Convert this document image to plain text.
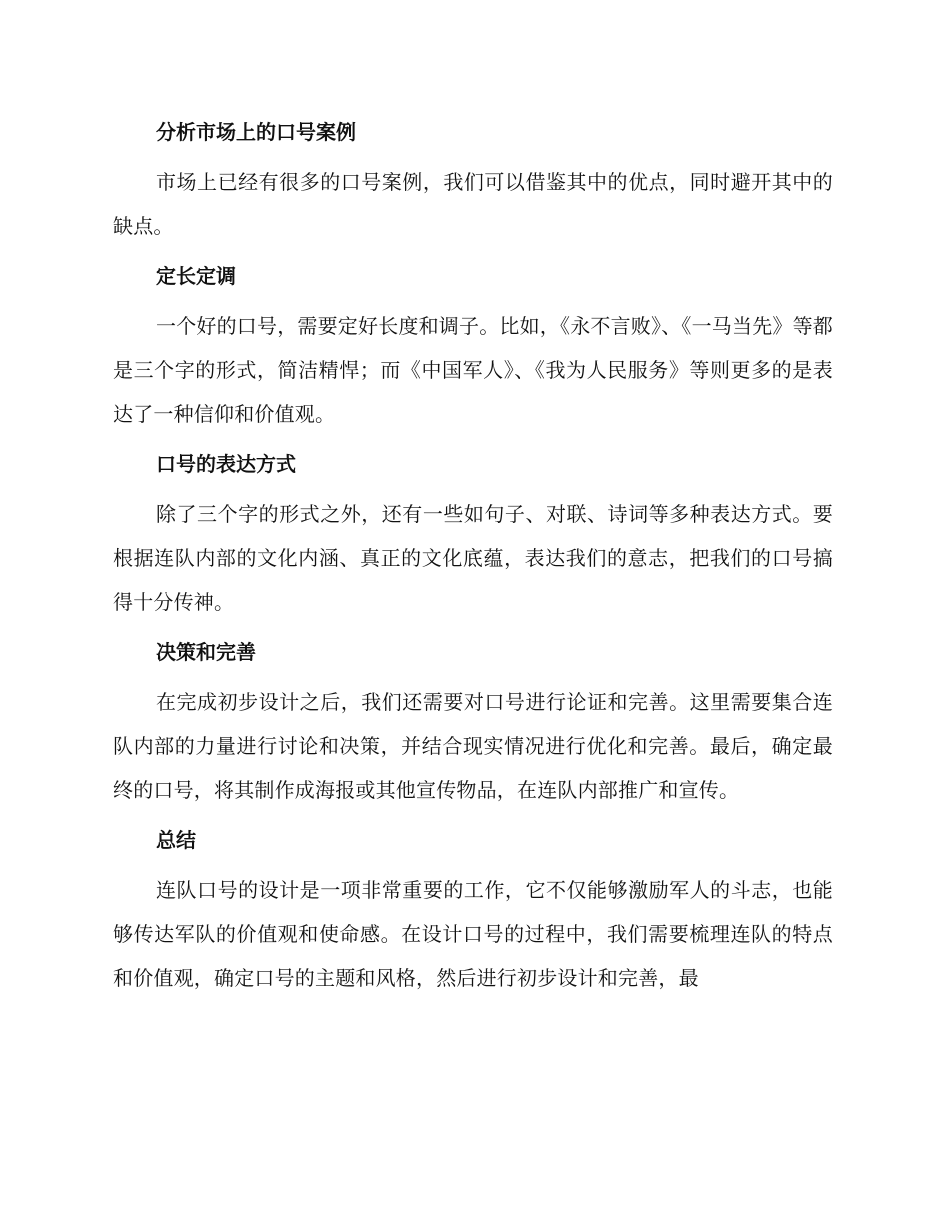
分析市场上的口号案例

市场上已经有很多的口号案例，我们可以借鉴其中的优点，同时避开其中的缺点。

定长定调

一个好的口号，需要定好长度和调子。比如，《永不言败》、《一马当先》等都是三个字的形式，简洁精悍；而《中国军人》、《我为人民服务》等则更多的是表达了一种信仰和价值观。

口号的表达方式

除了三个字的形式之外，还有一些如句子、对联、诗词等多种表达方式。要根据连队内部的文化内涵、真正的文化底蕴，表达我们的意志，把我们的口号搞得十分传神。

决策和完善

在完成初步设计之后，我们还需要对口号进行论证和完善。这里需要集合连队内部的力量进行讨论和决策，并结合现实情况进行优化和完善。最后，确定最终的口号，将其制作成海报或其他宣传物品，在连队内部推广和宣传。

总结

连队口号的设计是一项非常重要的工作，它不仅能够激励军人的斗志，也能够传达军队的价值观和使命感。在设计口号的过程中，我们需要梳理连队的特点和价值观，确定口号的主题和风格，然后进行初步设计和完善，最
